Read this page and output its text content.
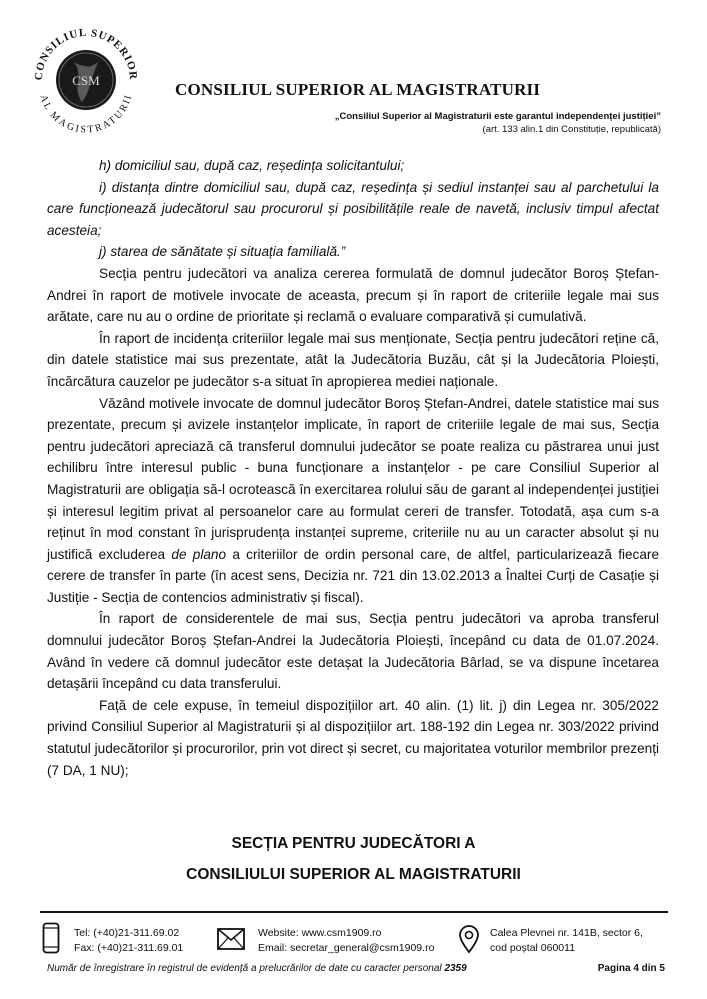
CSM
CONSILIUL SUPERIOR
AL MAGISTRATURII CONSILIUL SUPERIOR AL MAGISTRATURII
„Consiliul Superior al Magistraturii este garantul independenței justiției”
(art. 133 alin.1 din Constituție, republicată)

h) domiciliul sau, după caz, reședința solicitantului;

i) distanța dintre domiciliul sau, după caz, reședința și sediul instanței sau al parchetului la care funcționează judecătorul sau procurorul și posibilitățile reale de navetă, inclusiv timpul afectat acesteia;

j) starea de sănătate și situația familială.”

Secția pentru judecători va analiza cererea formulată de domnul judecător Boroș Ștefan-Andrei în raport de motivele invocate de aceasta, precum și în raport de criteriile legale mai sus arătate, care nu au o ordine de prioritate și reclamă o evaluare comparativă și cumulativă.

În raport de incidența criteriilor legale mai sus menționate, Secția pentru judecători reține că, din datele statistice mai sus prezentate, atât la Judecătoria Buzău, cât și la Judecătoria Ploiești, încărcătura cauzelor pe judecător s-a situat în apropierea mediei naționale.

Văzând motivele invocate de domnul judecător Boroș Ștefan-Andrei, datele statistice mai sus prezentate, precum și avizele instanțelor implicate, în raport de criteriile legale de mai sus, Secția pentru judecători apreciază că transferul domnului judecător se poate realiza cu păstrarea unui just echilibru între interesul public - buna funcționare a instanțelor - pe care Consiliul Superior al Magistraturii are obligația să-l ocrotească în exercitarea rolului său de garant al independenței justiției și interesul legitim privat al persoanelor care au formulat cereri de transfer. Totodată, așa cum s-a reținut în mod constant în jurisprudența instanței supreme, criteriile nu au un caracter absolut și nu justifică excluderea de plano a criteriilor de ordin personal care, de altfel, particularizează fiecare cerere de transfer în parte (în acest sens, Decizia nr. 721 din 13.02.2013 a Înaltei Curți de Casație și Justiție - Secția de contencios administrativ și fiscal).

În raport de considerentele de mai sus, Secția pentru judecători va aproba transferul domnului judecător Boroș Ștefan-Andrei la Judecătoria Ploiești, începând cu data de 01.07.2024. Având în vedere că domnul judecător este detașat la Judecătoria Bârlad, se va dispune încetarea detașării începând cu data transferului.

Față de cele expuse, în temeiul dispozițiilor art. 40 alin. (1) lit. j) din Legea nr. 305/2022 privind Consiliul Superior al Magistraturii și al dispozițiilor art. 188-192 din Legea nr. 303/2022 privind statutul judecătorilor și procurorilor, prin vot direct și secret, cu majoritatea voturilor membrilor prezenți (7 DA, 1 NU);

SECȚIA PENTRU JUDECĂTORI A
CONSILIULUI SUPERIOR AL MAGISTRATURII
Tel: (+40)21-311.69.02
Fax: (+40)21-311.69.01
Website: www.csm1909.ro
Email: secretar_general@csm1909.ro
Calea Plevnei nr. 141B, sector 6,
cod poștal 060011
Număr de înregistrare în registrul de evidență a prelucrărilor de date cu caracter personal 2359	Pagina 4 din 5
